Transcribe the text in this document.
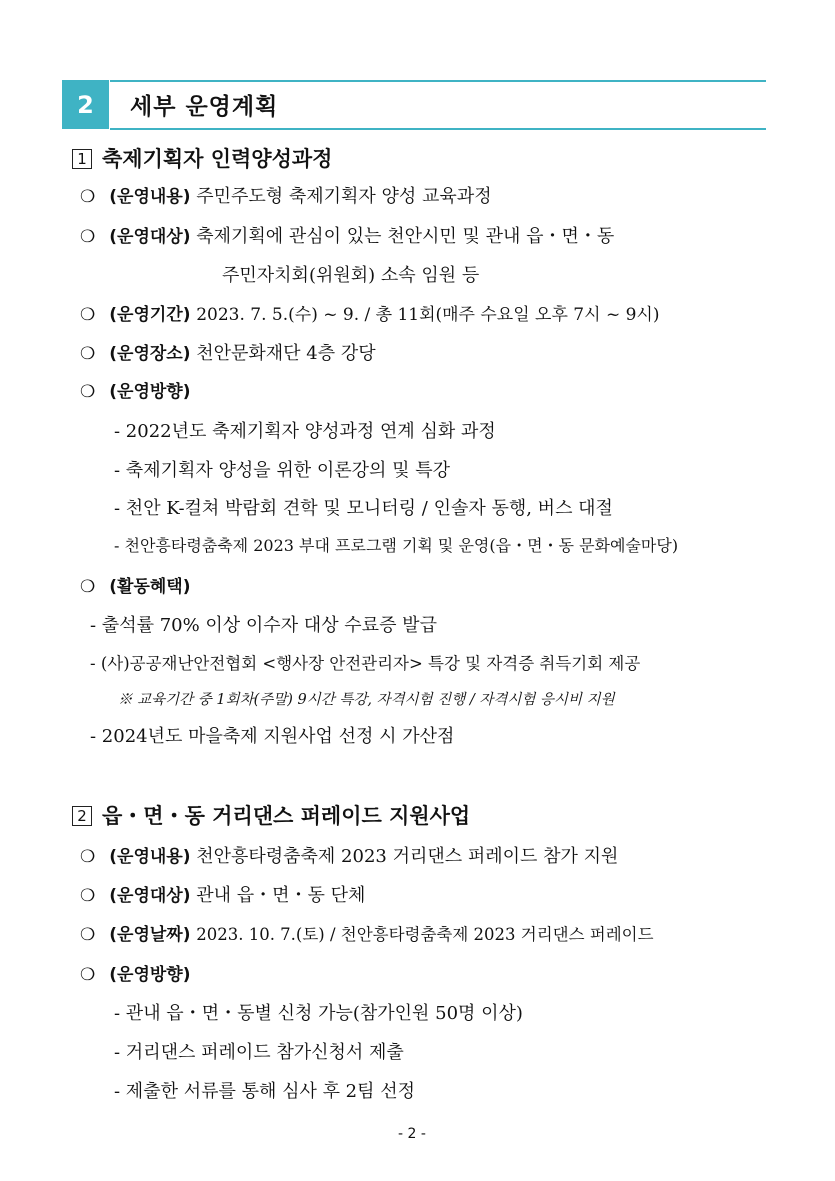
2	세부 운영계획
1 축제기획자 인력양성과정
❍ (운영내용) 주민주도형 축제기획자 양성 교육과정
❍ (운영대상) 축제기획에 관심이 있는 천안시민 및 관내 읍・면・동
주민자치회(위원회) 소속 임원 등
❍ (운영기간) 2023. 7. 5.(수) ~ 9. / 총 11회(매주 수요일 오후 7시 ~ 9시)
❍ (운영장소) 천안문화재단 4층 강당
❍ (운영방향)
- 2022년도 축제기획자 양성과정 연계 심화 과정
- 축제기획자 양성을 위한 이론강의 및 특강
- 천안 K-컬쳐 박람회 견학 및 모니터링 / 인솔자 동행, 버스 대절
- 천안흥타령춤축제 2023 부대 프로그램 기획 및 운영(읍・면・동 문화예술마당)
❍ (활동혜택)
- 출석률 70% 이상 이수자 대상 수료증 발급
- (사)공공재난안전협회 <행사장 안전관리자> 특강 및 자격증 취득기회 제공
※ 교육기간 중 1회차(주말) 9시간 특강, 자격시험 진행 / 자격시험 응시비 지원
- 2024년도 마을축제 지원사업 선정 시 가산점
2 읍・면・동 거리댄스 퍼레이드 지원사업
❍ (운영내용) 천안흥타령춤축제 2023 거리댄스 퍼레이드 참가 지원
❍ (운영대상) 관내 읍・면・동 단체
❍ (운영날짜) 2023. 10. 7.(토) / 천안흥타령춤축제 2023 거리댄스 퍼레이드
❍ (운영방향)
- 관내 읍・면・동별 신청 가능(참가인원 50명 이상)
- 거리댄스 퍼레이드 참가신청서 제출
- 제출한 서류를 통해 심사 후 2팀 선정
- 2 -
